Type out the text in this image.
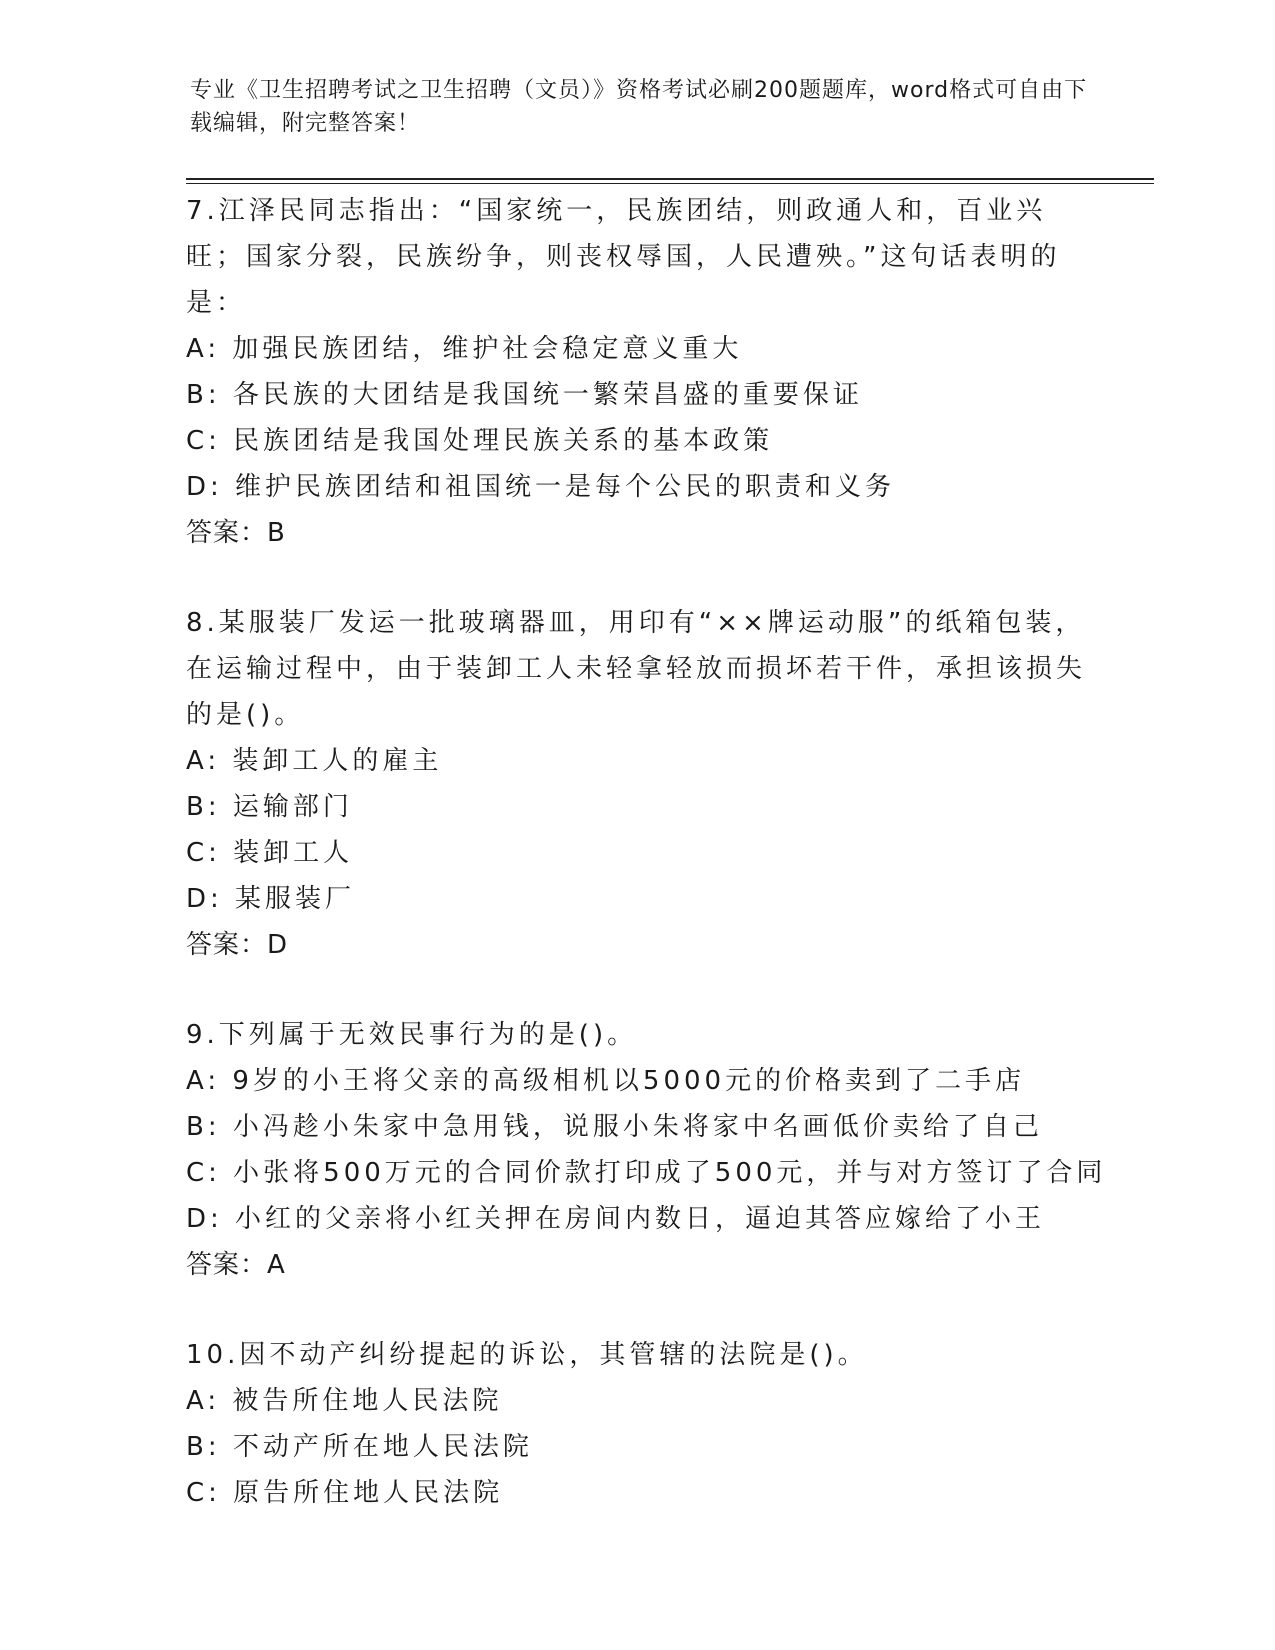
专业《卫生招聘考试之卫生招聘（文员）》资格考试必刷200题题库，word格式可自由下载编辑，附完整答案！
7.江泽民同志指出：“国家统一，民族团结，则政通人和，百业兴旺；国家分裂，民族纷争，则丧权辱国，人民遭殃。”这句话表明的是：
A: 加强民族团结，维护社会稳定意义重大
B: 各民族的大团结是我国统一繁荣昌盛的重要保证
C: 民族团结是我国处理民族关系的基本政策
D: 维护民族团结和祖国统一是每个公民的职责和义务
答案：B
8.某服装厂发运一批玻璃器皿，用印有“××牌运动服”的纸箱包装，在运输过程中，由于装卸工人未轻拿轻放而损坏若干件，承担该损失的是()。
A: 装卸工人的雇主
B: 运输部门
C: 装卸工人
D: 某服装厂
答案：D
9.下列属于无效民事行为的是()。
A: 9岁的小王将父亲的高级相机以5000元的价格卖到了二手店
B: 小冯趁小朱家中急用钱，说服小朱将家中名画低价卖给了自己
C: 小张将500万元的合同价款打印成了500元，并与对方签订了合同
D: 小红的父亲将小红关押在房间内数日，逼迫其答应嫁给了小王
答案：A
10.因不动产纠纷提起的诉讼，其管辖的法院是()。
A: 被告所住地人民法院
B: 不动产所在地人民法院
C: 原告所住地人民法院
